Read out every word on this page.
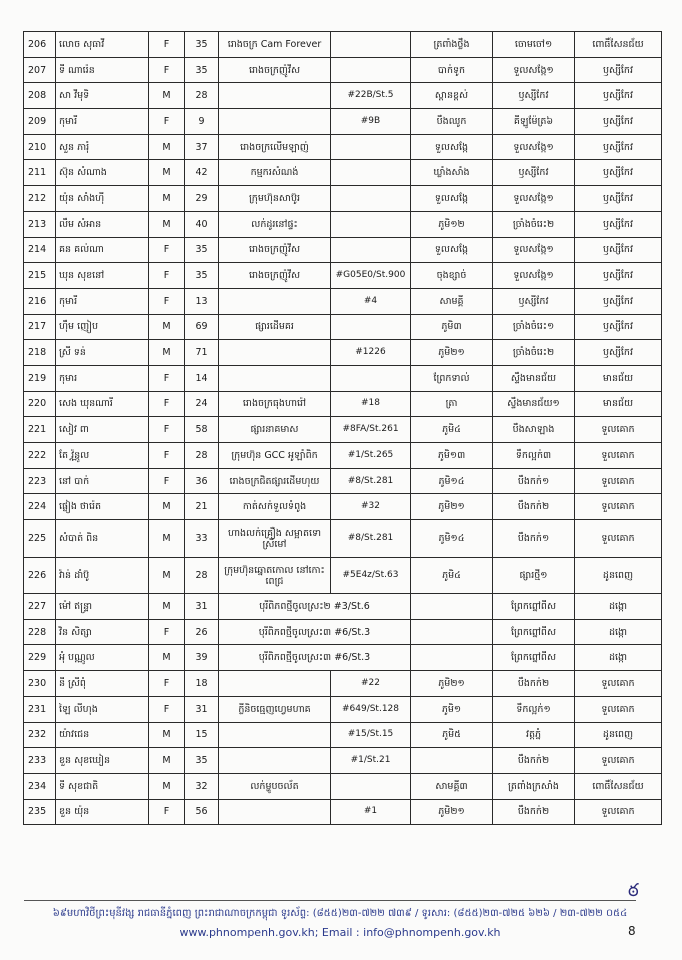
206	លោច សុធាវី	F	35	រោងចក្រ Cam Forever		ត្រពាំងថ្លឹង	ចោមចៅ១	ពោធិ៍សែនជ័យ
207	ទី ណារ៉េន	F	35	រោងចក្រញ៉ូវីស		បាក់ទូក	ទួលសង្កែ១	ឫស្សីកែវ
208	សា វីមុទិ	M	28		#22B/St.5	ស្ពានខ្ពស់	ឫស្សីកែវ	ឫស្សីកែវ
209	កុមារី	F	9		#9B	បឹងឈូក	គីឡូម៉ែត្រ៦	ឫស្សីកែវ
210	សួន ភារុំ	M	37	រោងចក្រលើមឡាញ់		ទួលសង្កែ	ទួលសង្កែ១	ឫស្សីកែវ
211	ស៊ុន សំណាង	M	42	កម្មករសំណង់		ឃ្លាំងសាំង	ឫស្សីកែវ	ឫស្សីកែវ
212	យ៉ុន សាំងហ៊ី	M	29	ក្រុមហ៊ុនសាប៊ូរ		ទួលសង្កែ	ទួលសង្កែ១	ឫស្សីកែវ
213	លឹម សំអាន	M	40	លក់ដូរនៅផ្ទះ		ភូមិ១២	ច្រាំងចំរេះ២	ឫស្សីកែវ
214	គន គល់ណា	F	35	រោងចក្រញ៉ូវីស		ទួលសង្កែ	ទួលសង្កែ១	ឫស្សីកែវ
215	ឃុន សុខនៅ	F	35	រោងចក្រញ៉ូវីស	#G05E0/St.900	ចុងខ្សាច់	ទួលសង្កែ១	ឫស្សីកែវ
216	កុមារី	F	13		#4	សាមគ្គី	ឫស្សីកែវ	ឫស្សីកែវ
217	ហ៊ឹម ញៀប	M	69	ផ្សារដើមគរ		ភូមិ៣	ច្រាំងចំរេះ១	ឫស្សីកែវ
218	ស្រី ទន់	M	71		#1226	ភូមិ២១	ច្រាំងចំរេះ២	ឫស្សីកែវ
219	កុមារ	F	14			ព្រែកទាល់	ស្ទឹងមានជ័យ	មានជ័យ
220	សេង ឃុនណារី	F	24	រោងចក្រធុងហារ៉ៅ	#18	ត្រា	ស្ទឹងមានជ័យ១	មានជ័យ
221	សៀវ ពា	F	58	ផ្សារនាគមាស	#8FA/St.261	ភូមិ៤	បឹងសាឡាង	ទួលគោក
222	តែ វ៉ុន្ណូល	F	28	ក្រុមហ៊ុន GCC អូឡាំពិក	#1/St.265	ភូមិ១៣	ទឹកល្អក់៣	ទួលគោក
223	នៅ បាក់	F	36	រោងចក្រជិតផ្សារដើមហុយ	#8/St.281	ភូមិ១៤	បឹងកក់១	ទួលគោក
224	ផ្លៀង ថារ៉េត	M	21	កាត់សក់ទួលទំពូង	#32	ភូមិ២១	បឹងកក់២	ទួលគោក
225	សំបាត់ ពិន	M	33	ហាងលក់គ្រឿង សម្អាតទោ ស្រីមៅ	#8/St.281	ភូមិ១៤	បឹងកក់១	ទួលគោក
226	វ៉ាន់ ដាំប៊ូ	M	28	ក្រុមហ៊ុនឆ្នោតកោល នៅកោះពេជ្រ	#5E4z/St.63	ភូមិ៤	ផ្សារថ្មី១	ដូនពេញ
227	ម៉ៅ ឥន្ទ្រា	M	31	បុរីពិភពថ្មីចូលស្រះ២ #3/St.6			ព្រែកព្នៅពីស	ដង្កោ
228	វិន សិត្សា	F	26	បុរីពិភពថ្មីចូលស្រះ៣ #6/St.3			ព្រែកព្នៅពីស	ដង្កោ
229	អុំ បណ្ណូល	M	39	បុរីពិភពថ្មីចូលស្រះ៣ #6/St.3			ព្រែកព្នៅពីស	ដង្កោ
230	នី ស្រីពុំ	F	18		#22	ភូមិ២១	បឹងកក់២	ទួលគោក
231	ឡៃ លីហុង	F	31	ក្លីនិចធ្មេញហ្វេមហាគ	#649/St.128	ភូមិ១	ទឹកល្អក់១	ទួលគោក
232	យ៉ាវជេន	M	15		#15/St.15	ភូមិ៥	វត្តភ្នំ	ដូនពេញ
233	ខួន សុខឃៀន	M	35		#1/St.21		បឹងកក់២	ទួលគោក
234	ទី សុខជាតិ	M	32	លក់ម្ហូបចល័ត		សាមគ្គី៣	ត្រពាំងក្រសាំង	ពោធិ៍សែនជ័យ
235	ខួន យ៉ុន	F	56		#1	ភូមិ២១	បឹងកក់២	ទួលគោក
ఠ
៦៩មហាវិថីព្រះមុនីវង្ស រាជធានីភ្នំពេញ ព្រះរាជាណាចក្រកម្ពុជា ទូរស័ព្ទ: (៨៥៥)២៣-៧២២ ៧៣៩ / ទូរសារ: (៨៥៥)២៣-៧២៥ ៦២៦ / ២៣-៧២២ ០៥៤
www.phnompenh.gov.kh; Email : info@phnompenh.gov.kh	8
